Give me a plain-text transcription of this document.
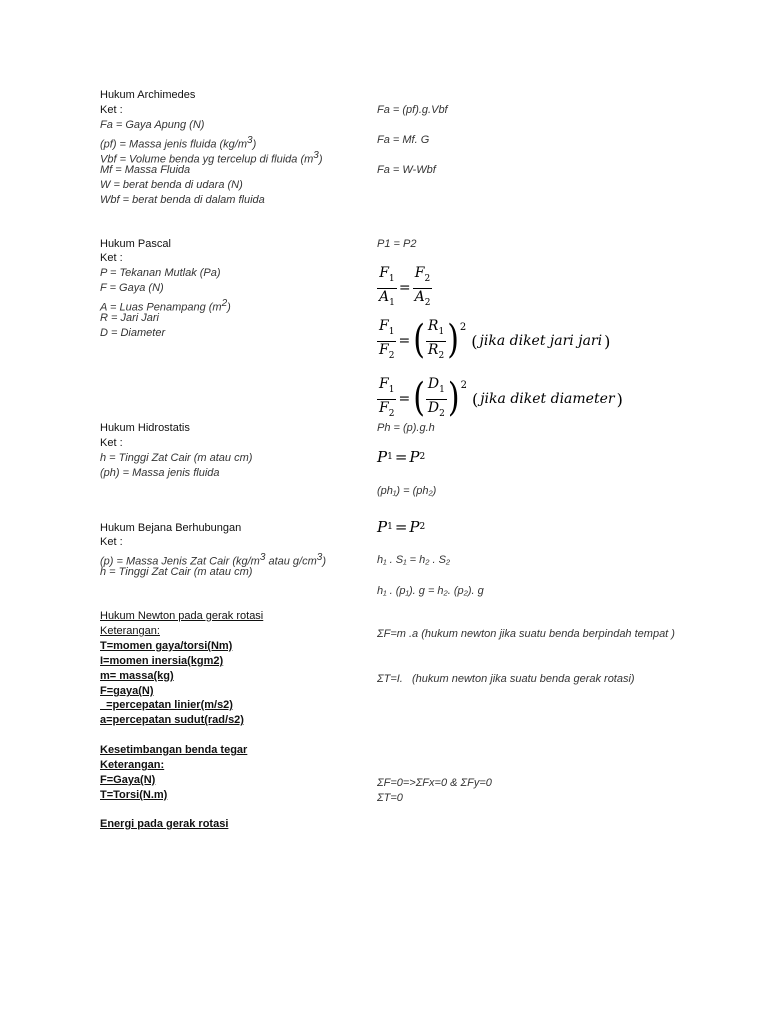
Hukum Archimedes
Ket :
Fa = Gaya Apung (N)
(pf) = Massa jenis fluida $(kg/m^3)$
Vbf = Volume benda yg tercelup di fluida $(m^3)$
Mf = Massa Fluida
W = berat benda di udara (N)
Wbf = berat benda di dalam fluida
Fa = (pf).g.Vbf
Fa = Mf. G
Fa = W-Wbf
Hukum Pascal
Ket :
P = Tekanan Mutlak (Pa)
F = Gaya (N)
A = Luas Penampang $(m^2)$
R = Jari Jari
D = Diameter
P1 = P2
$\frac{F_1}{A_1} = \frac{F_2}{A_2}$
$\frac{F_1}{F_2}$ = ( $\frac{R_1}{R_2}$ ) 2
( jika diket jari jari )
$\frac{F_1}{F_2}$ = ( $\frac{D_1}{D_2}$ ) 2
( jika diket diameter )
Hukum Hidrostatis
Ket :
h = Tinggi Zat Cair (m atau cm)
(ph) = Massa jenis fluida
Ph = (p).g.h
P 1 = P 2
(ph₁) = (ph₂)
Hukum Bejana Berhubungan
Ket :
(p) = Massa Jenis Zat Cair ($kg/m^3$ atau $g/cm^3$)
h = Tinggi Zat Cair (m atau cm)
P 1 = P 2
h₁ . S₁ = h₂ . S₂
h₁ . (p₁). g = h₂. (p₂). g
Hukum Newton pada gerak rotasi
Keterangan:
T=momen gaya/torsi(Nm)
I=momen inersia(kgm2)
m= massa(kg)
F=gaya(N)
=percepatan linier(m/s2)
a=percepatan sudut(rad/s2)
ΣF=m .a (hukum newton jika suatu benda berpindah tempat )
ΣT=I.   (hukum newton jika suatu benda gerak rotasi)
Kesetimbangan benda tegar
Keterangan:
F=Gaya(N)
T=Torsi(N.m)
ΣF=0=>ΣFx=0 & ΣFy=0
ΣT=0
Energi pada gerak rotasi
